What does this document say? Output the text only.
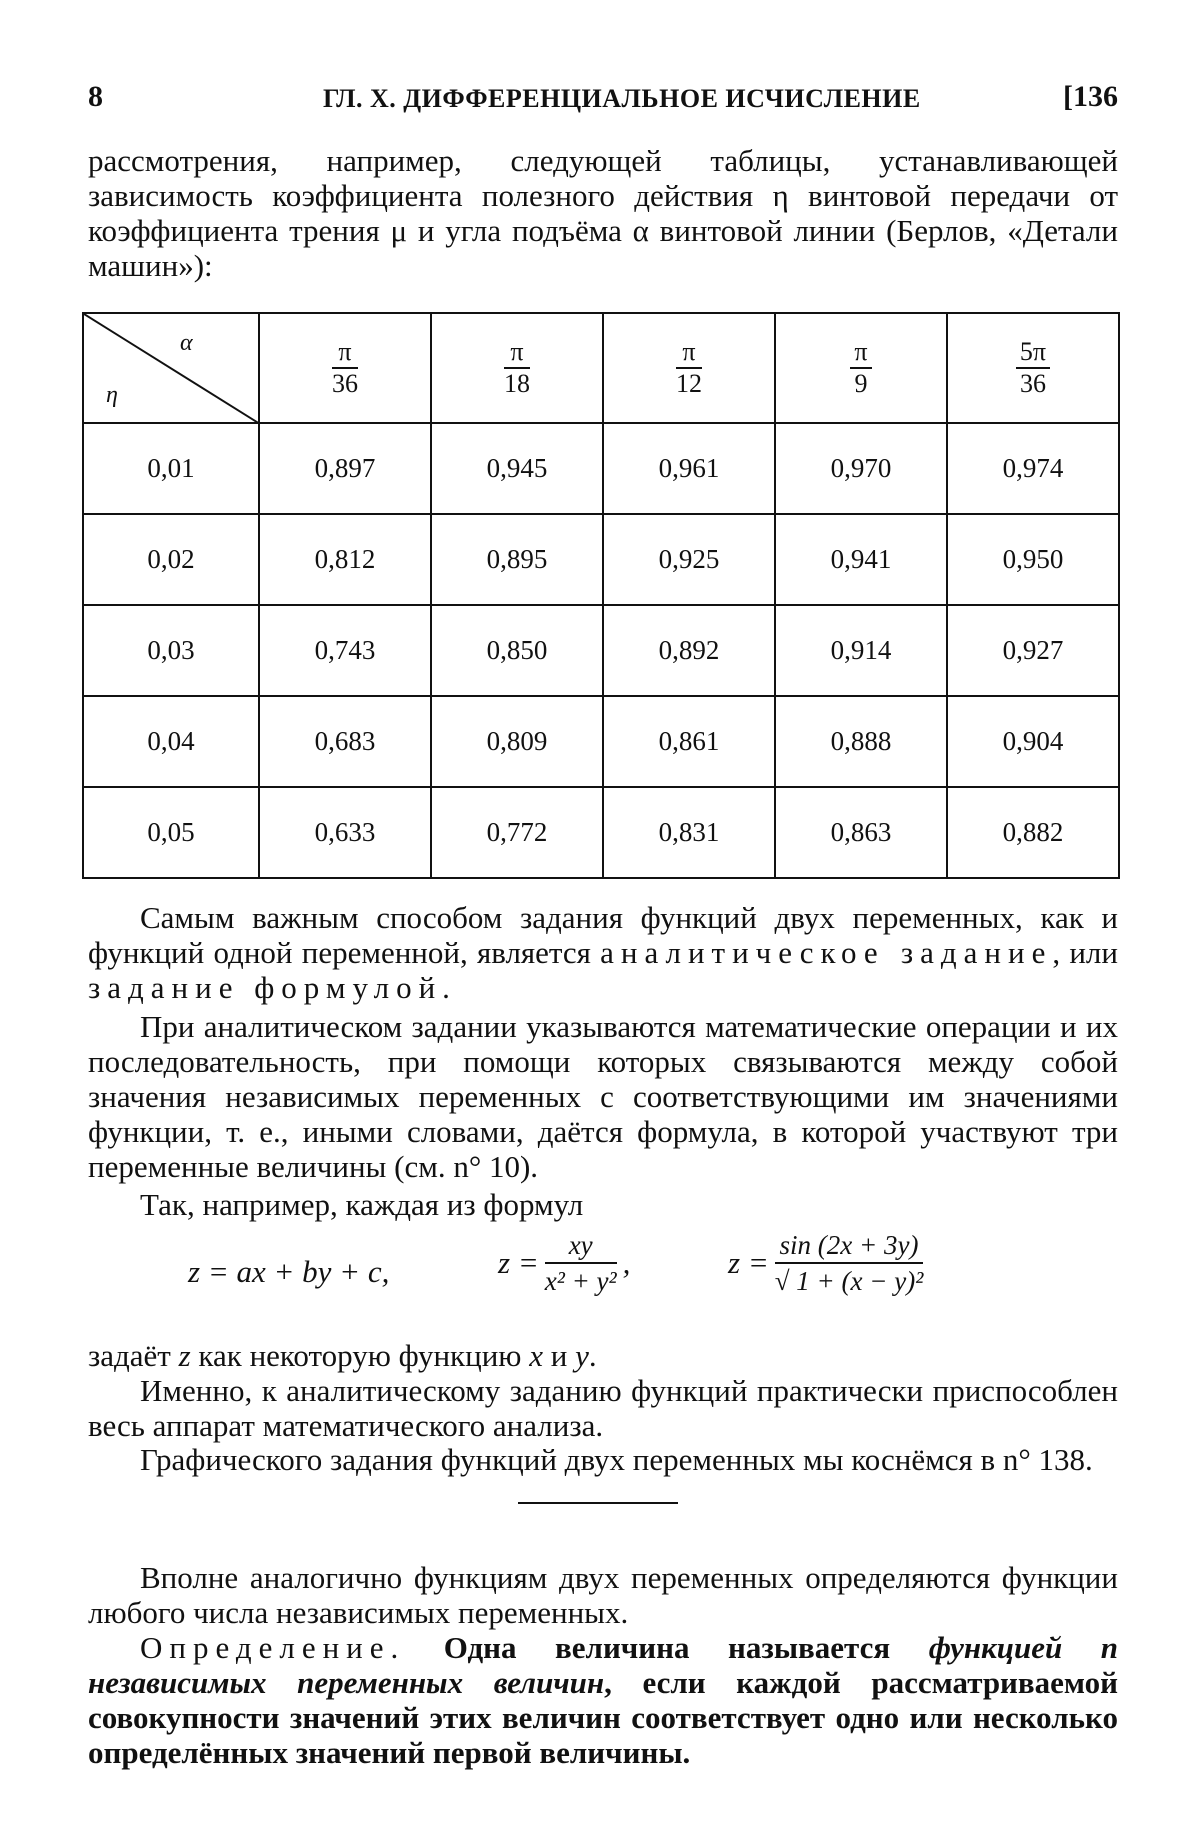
8	ГЛ. X. ДИФФЕРЕНЦИАЛЬНОЕ ИСЧИСЛЕНИЕ	[136

рассмотрения, например, следующей таблицы, устанавливающей зависимость коэффициента полезного действия η винтовой передачи от коэффициента трения μ и угла подъёма α винтовой линии (Берлов, «Детали машин»):

α
η	$\frac{\pi}{36}$	$\frac{\pi}{18}$	$\frac{\pi}{12}$	$\frac{\pi}{9}$	$\frac{5\pi}{36}$

0,01	0,897	0,945	0,961	0,970	0,974
0,02	0,812	0,895	0,925	0,941	0,950
0,03	0,743	0,850	0,892	0,914	0,927
0,04	0,683	0,809	0,861	0,888	0,904
0,05	0,633	0,772	0,831	0,863	0,882

Самым важным способом задания функций двух переменных, как и функций одной переменной, является аналитическое задание, или задание формулой.

При аналитическом задании указываются математические операции и их последовательность, при помощи которых связываются между собой значения независимых переменных с соответствующими им значениями функции, т. е., иными словами, даётся формула, в которой участвуют три переменные величины (см. n° 10).

Так, например, каждая из формул

z = ax + by + c,	$z = \frac{xy}{\text{x² + y²}}$ ,	$z = \frac{\sin (2x + 3y)}{\text{√ 1 + (x − y)²}}$

задаёт z как некоторую функцию x и y.

Именно, к аналитическому заданию функций практически приспособлен весь аппарат математического анализа.

Графического задания функций двух переменных мы коснёмся в n° 138.

Вполне аналогично функциям двух переменных определяются функции любого числа независимых переменных.

Определение. Одна величина называется функцией n независимых переменных величин, если каждой рассматриваемой совокупности значений этих величин соответствует одно или несколько определённых значений первой величины.
